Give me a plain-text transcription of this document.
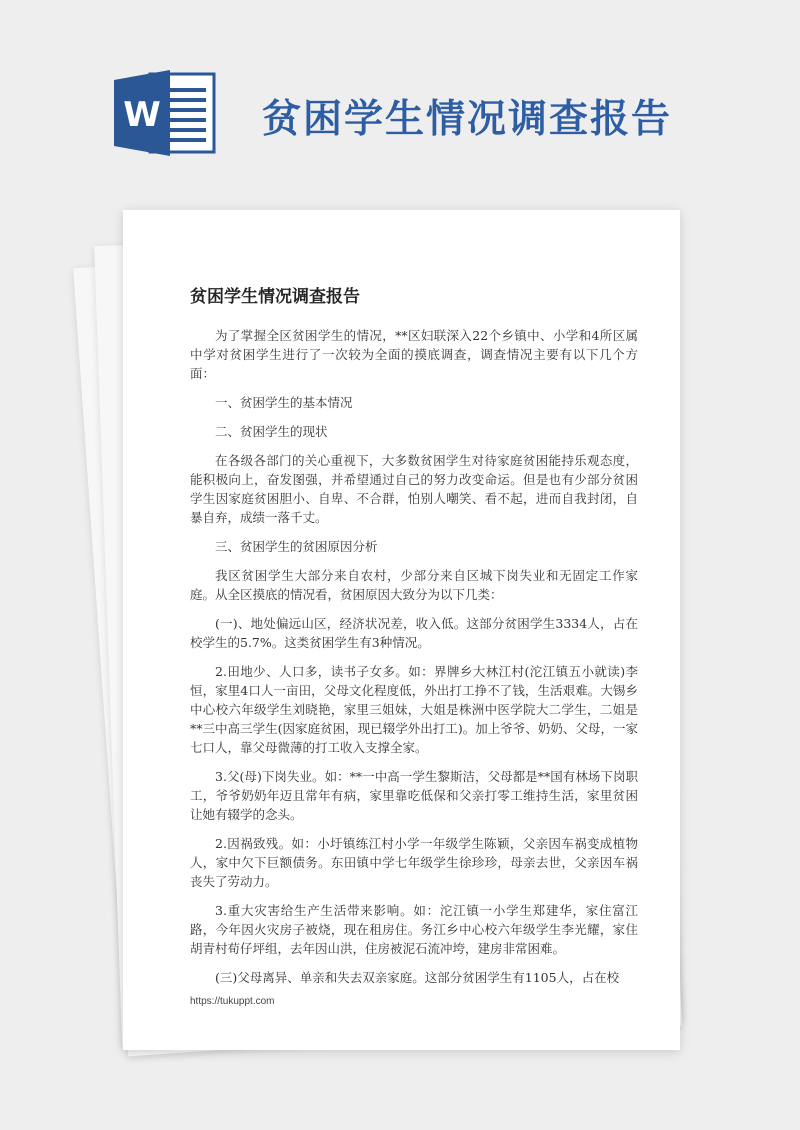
W	贫困学生情况调查报告
贫困学生情况调查报告

为了掌握全区贫困学生的情况，**区妇联深入22个乡镇中、小学和4所区属中学对贫困学生进行了一次较为全面的摸底调查，调查情况主要有以下几个方面：

一、贫困学生的基本情况

二、贫困学生的现状

在各级各部门的关心重视下，大多数贫困学生对待家庭贫困能持乐观态度，能积极向上，奋发图强，并希望通过自己的努力改变命运。但是也有少部分贫困学生因家庭贫困胆小、自卑、不合群，怕别人嘲笑、看不起，进而自我封闭，自暴自弃，成绩一落千丈。

三、贫困学生的贫困原因分析

我区贫困学生大部分来自农村，少部分来自区城下岗失业和无固定工作家庭。从全区摸底的情况看，贫困原因大致分为以下几类：

(一)、地处偏远山区，经济状况差，收入低。这部分贫困学生3334人，占在校学生的5.7%。这类贫困学生有3种情况。

2.田地少、人口多，读书子女多。如：界牌乡大林江村(沱江镇五小就读)李恒，家里4口人一亩田，父母文化程度低，外出打工挣不了钱，生活艰难。大锡乡中心校六年级学生刘晓艳，家里三姐妹，大姐是株洲中医学院大二学生，二姐是**三中高三学生(因家庭贫困，现已辍学外出打工)。加上爷爷、奶奶、父母，一家七口人，靠父母微薄的打工收入支撑全家。

3.父(母)下岗失业。如：**一中高一学生黎斯洁，父母都是**国有林场下岗职工，爷爷奶奶年迈且常年有病，家里靠吃低保和父亲打零工维持生活，家里贫困让她有辍学的念头。

2.因祸致残。如：小圩镇练江村小学一年级学生陈颖，父亲因车祸变成植物人，家中欠下巨额债务。东田镇中学七年级学生徐珍珍，母亲去世，父亲因车祸丧失了劳动力。

3.重大灾害给生产生活带来影响。如：沱江镇一小学生郑建华，家住富江路，今年因火灾房子被烧，现在租房住。务江乡中心校六年级学生李光耀，家住胡青村荀仔坪组，去年因山洪，住房被泥石流冲垮，建房非常困难。

(三)父母离异、单亲和失去双亲家庭。这部分贫困学生有1105人，占在校

https://tukuppt.com
